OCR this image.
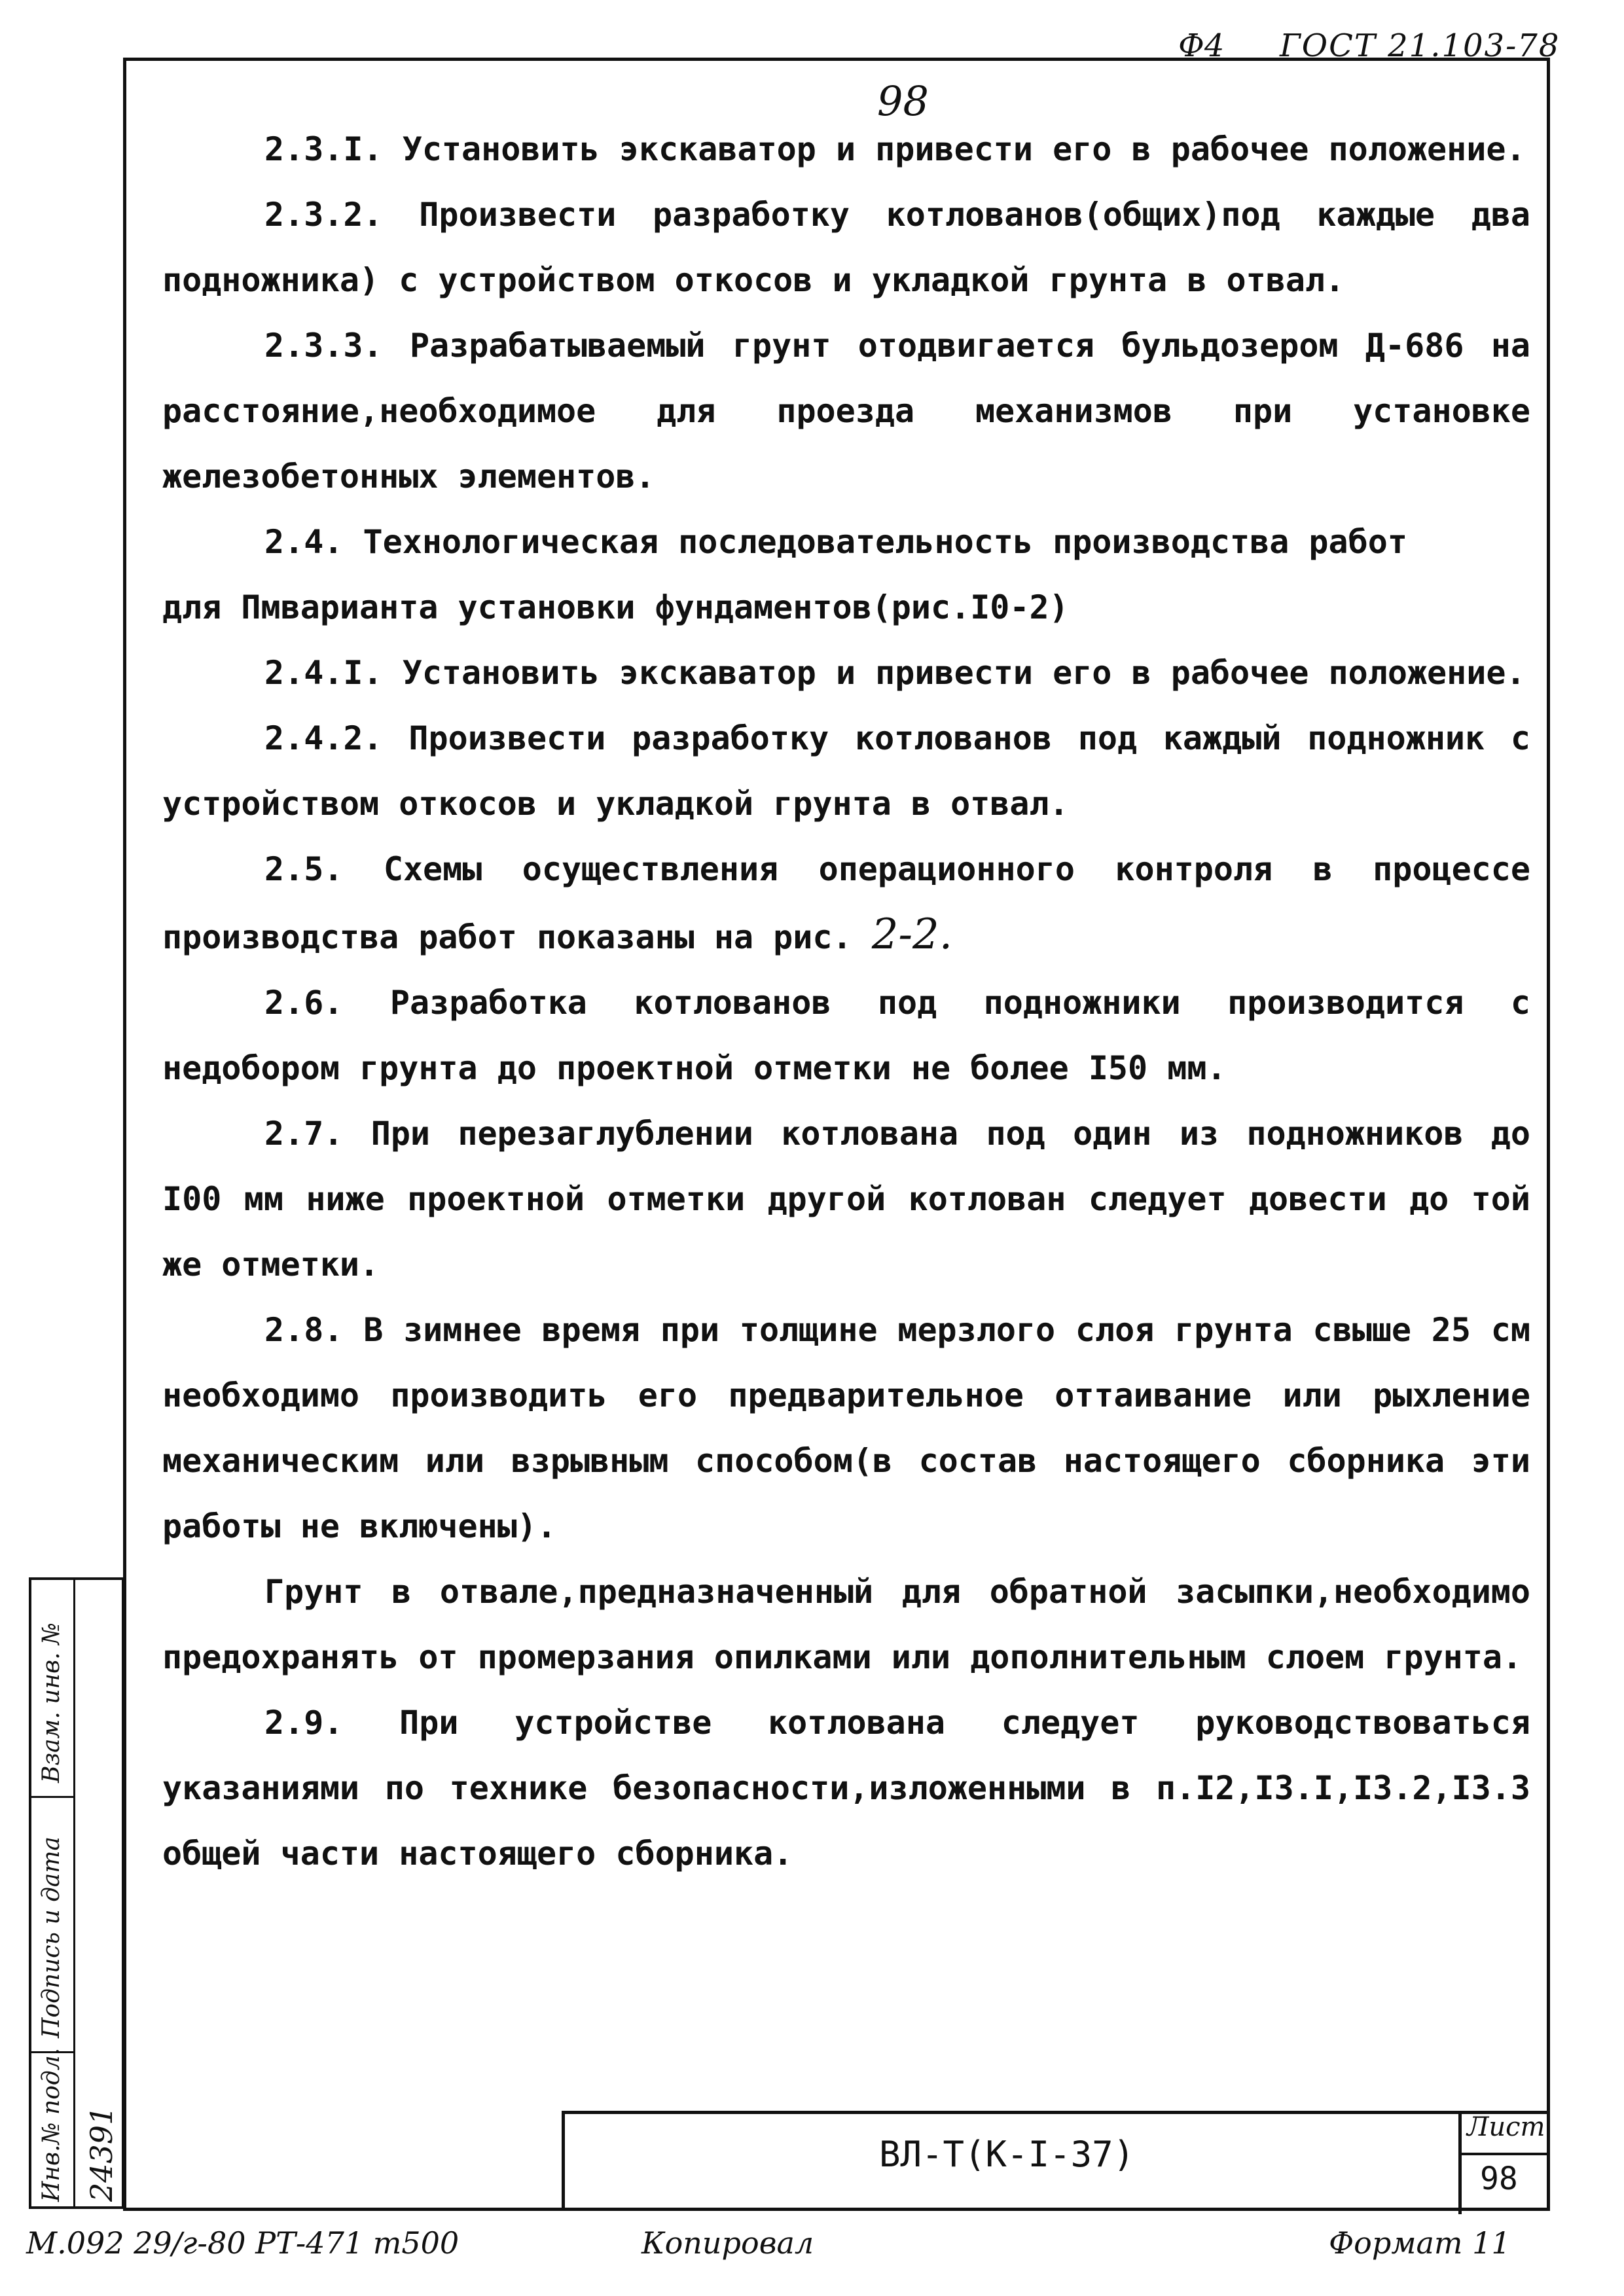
Ф4 ГОСТ 21.103-78
98

2.3.I. Установить экскаватор и привести его в рабочее положение.

2.3.2. Произвести разработку котлованов(общих)под каждые два подножника) с устройством откосов и укладкой грунта в отвал.

2.3.3. Разрабатываемый грунт отодвигается бульдозером Д-686 на расстояние,необходимое для проезда механизмов при установке железобетонных элементов.

2.4. Технологическая последовательность производства работ

для Пмварианта установки фундаментов(рис.I0-2)

2.4.I. Установить экскаватор и привести его в рабочее положение.

2.4.2. Произвести разработку котлованов под каждый подножник с устройством откосов и укладкой грунта в отвал.

2.5. Схемы осуществления операционного контроля в процессе производства работ показаны на рис. 2-2.

2.6. Разработка котлованов под подножники производится с недобором грунта до проектной отметки не более I50 мм.

2.7. При перезаглублении котлована под один из подножников до I00 мм ниже проектной отметки другой котлован следует довести до той же отметки.

2.8. В зимнее время при толщине мерзлого слоя грунта свыше 25 см необходимо производить его предварительное оттаивание или рыхление механическим или взрывным способом(в состав настоящего сборника эти работы не включены).

Грунт в отвале,предназначенный для обратной засыпки,необходимо предохранять от промерзания опилками или дополнительным слоем грунта.

2.9. При устройстве котлована следует руководствоваться указаниями по технике безопасности,изложенными в п.I2,I3.I,I3.2,I3.3 общей части настоящего сборника.

Взам. инв. №
Подпись и дата
Инв.№ подл. 24391	ВЛ-Т(К-I-37)
Лист
98
М.092 29/г-80 РТ-471 т500	Копировал	Формат 11
